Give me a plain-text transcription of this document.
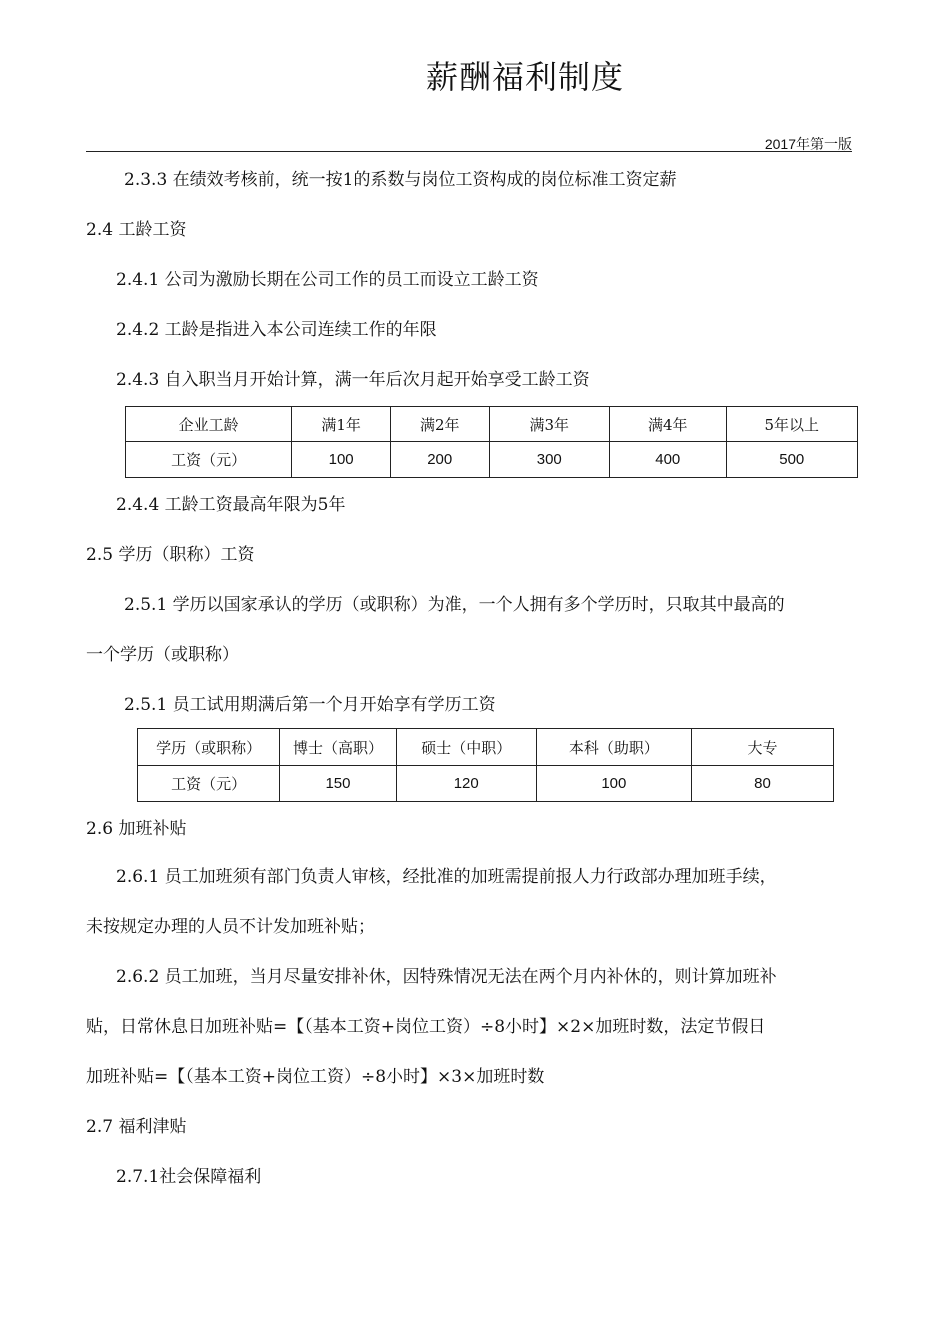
薪酬福利制度
2017年第一版
2.3.3 在绩效考核前，统一按1的系数与岗位工资构成的岗位标准工资定薪
2.4 工龄工资
2.4.1 公司为激励长期在公司工作的员工而设立工龄工资
2.4.2 工龄是指进入本公司连续工作的年限
2.4.3 自入职当月开始计算，满一年后次月起开始享受工龄工资
企业工龄	满1年	满2年	满3年	满4年	5年以上
工资（元）	100	200	300	400	500
2.4.4 工龄工资最高年限为5年
2.5 学历（职称）工资
2.5.1 学历以国家承认的学历（或职称）为准，一个人拥有多个学历时，只取其中最高的
一个学历（或职称）
2.5.1 员工试用期满后第一个月开始享有学历工资
学历（或职称）	博士（高职）	硕士（中职）	本科（助职）	大专
工资（元）	150	120	100	80
2.6 加班补贴
2.6.1 员工加班须有部门负责人审核，经批准的加班需提前报人力行政部办理加班手续，
未按规定办理的人员不计发加班补贴；
2.6.2 员工加班，当月尽量安排补休，因特殊情况无法在两个月内补休的，则计算加班补
贴，日常休息日加班补贴=【（基本工资+岗位工资）÷8小时】×2×加班时数，法定节假日
加班补贴=【（基本工资+岗位工资）÷8小时】×3×加班时数
2.7 福利津贴
2.7.1社会保障福利
